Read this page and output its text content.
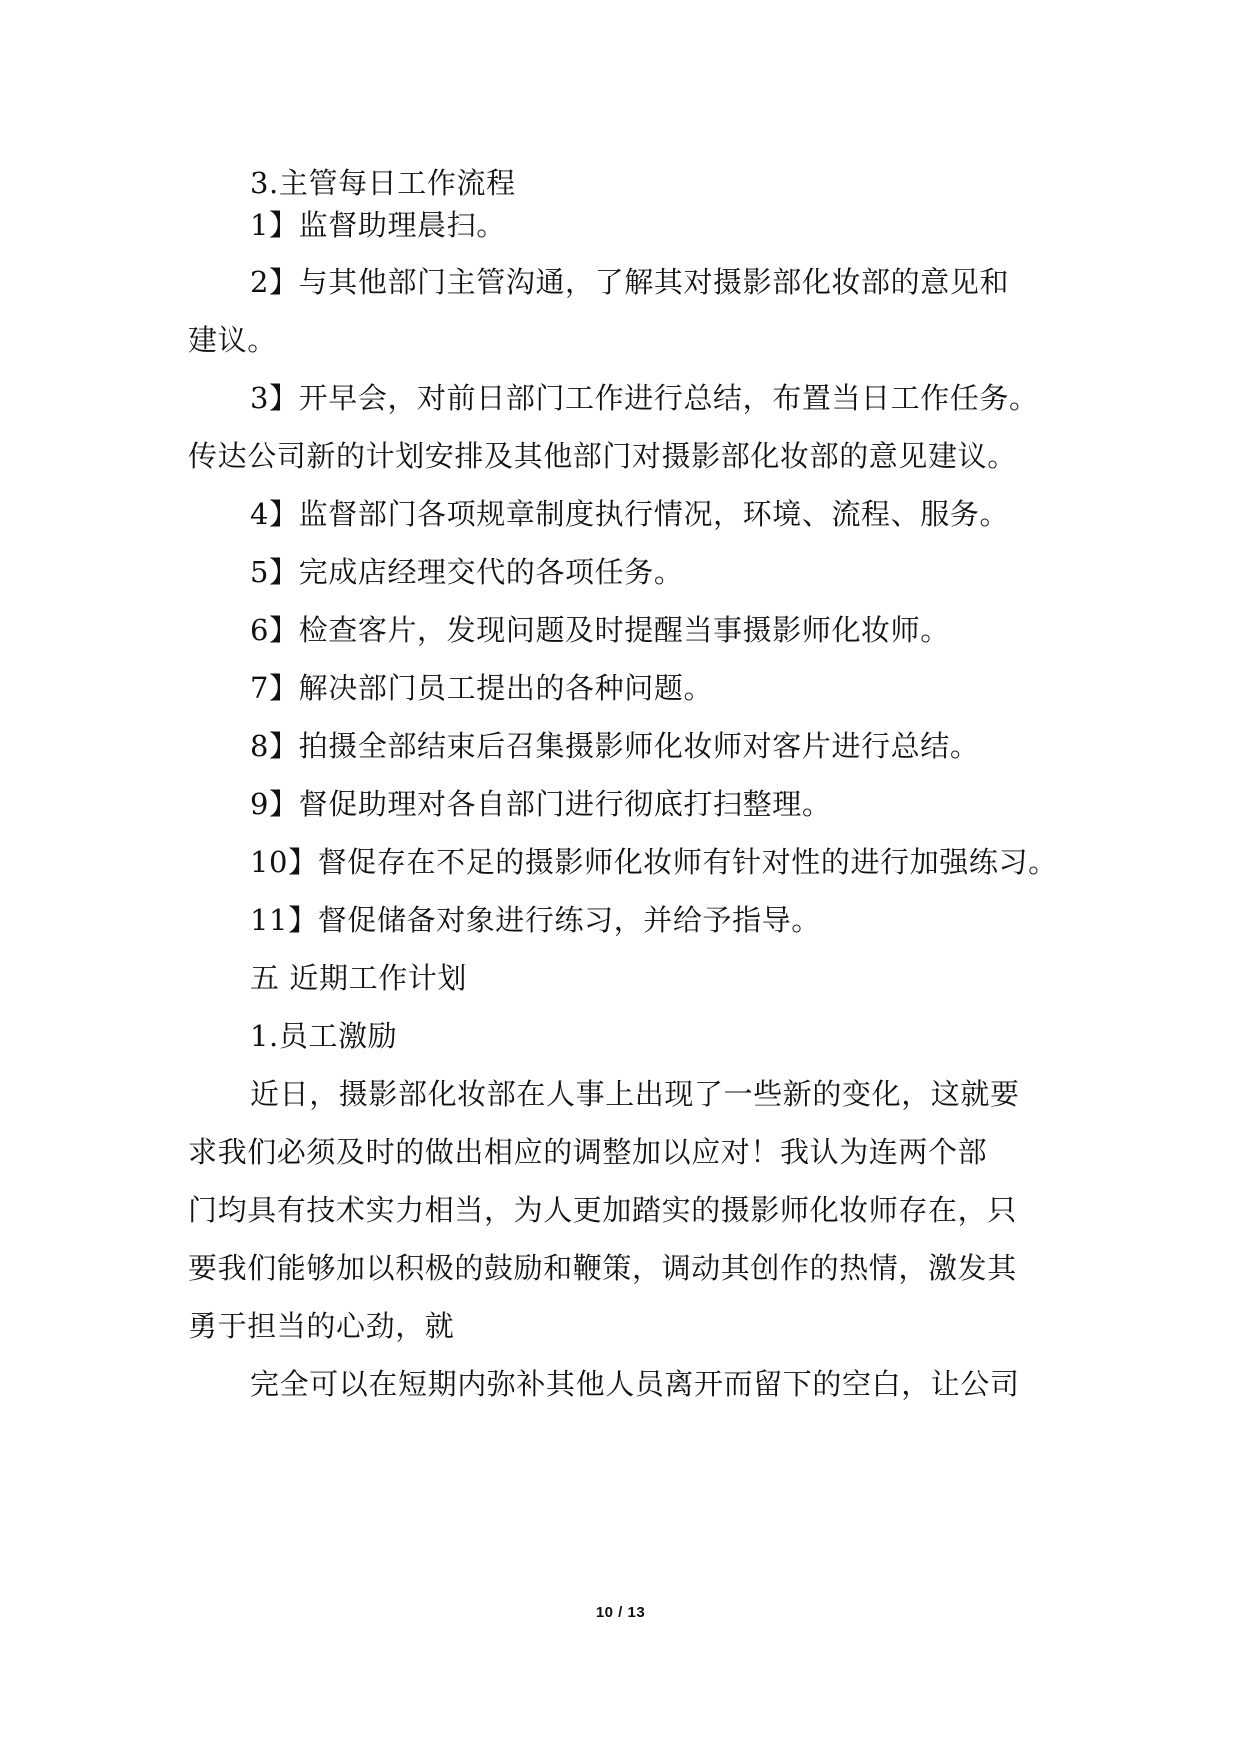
3.主管每日工作流程
1】监督助理晨扫。
2】与其他部门主管沟通，了解其对摄影部化妆部的意见和
建议。
3】开早会，对前日部门工作进行总结，布置当日工作任务。
传达公司新的计划安排及其他部门对摄影部化妆部的意见建议。
4】监督部门各项规章制度执行情况，环境、流程、服务。
5】完成店经理交代的各项任务。
6】检查客片，发现问题及时提醒当事摄影师化妆师。
7】解决部门员工提出的各种问题。
8】拍摄全部结束后召集摄影师化妆师对客片进行总结。
9】督促助理对各自部门进行彻底打扫整理。
10】督促存在不足的摄影师化妆师有针对性的进行加强练习。
11】督促储备对象进行练习，并给予指导。
五 近期工作计划
1.员工激励
近日，摄影部化妆部在人事上出现了一些新的变化，这就要
求我们必须及时的做出相应的调整加以应对！我认为连两个部
门均具有技术实力相当，为人更加踏实的摄影师化妆师存在，只
要我们能够加以积极的鼓励和鞭策，调动其创作的热情，激发其
勇于担当的心劲，就
完全可以在短期内弥补其他人员离开而留下的空白，让公司
10 / 13
